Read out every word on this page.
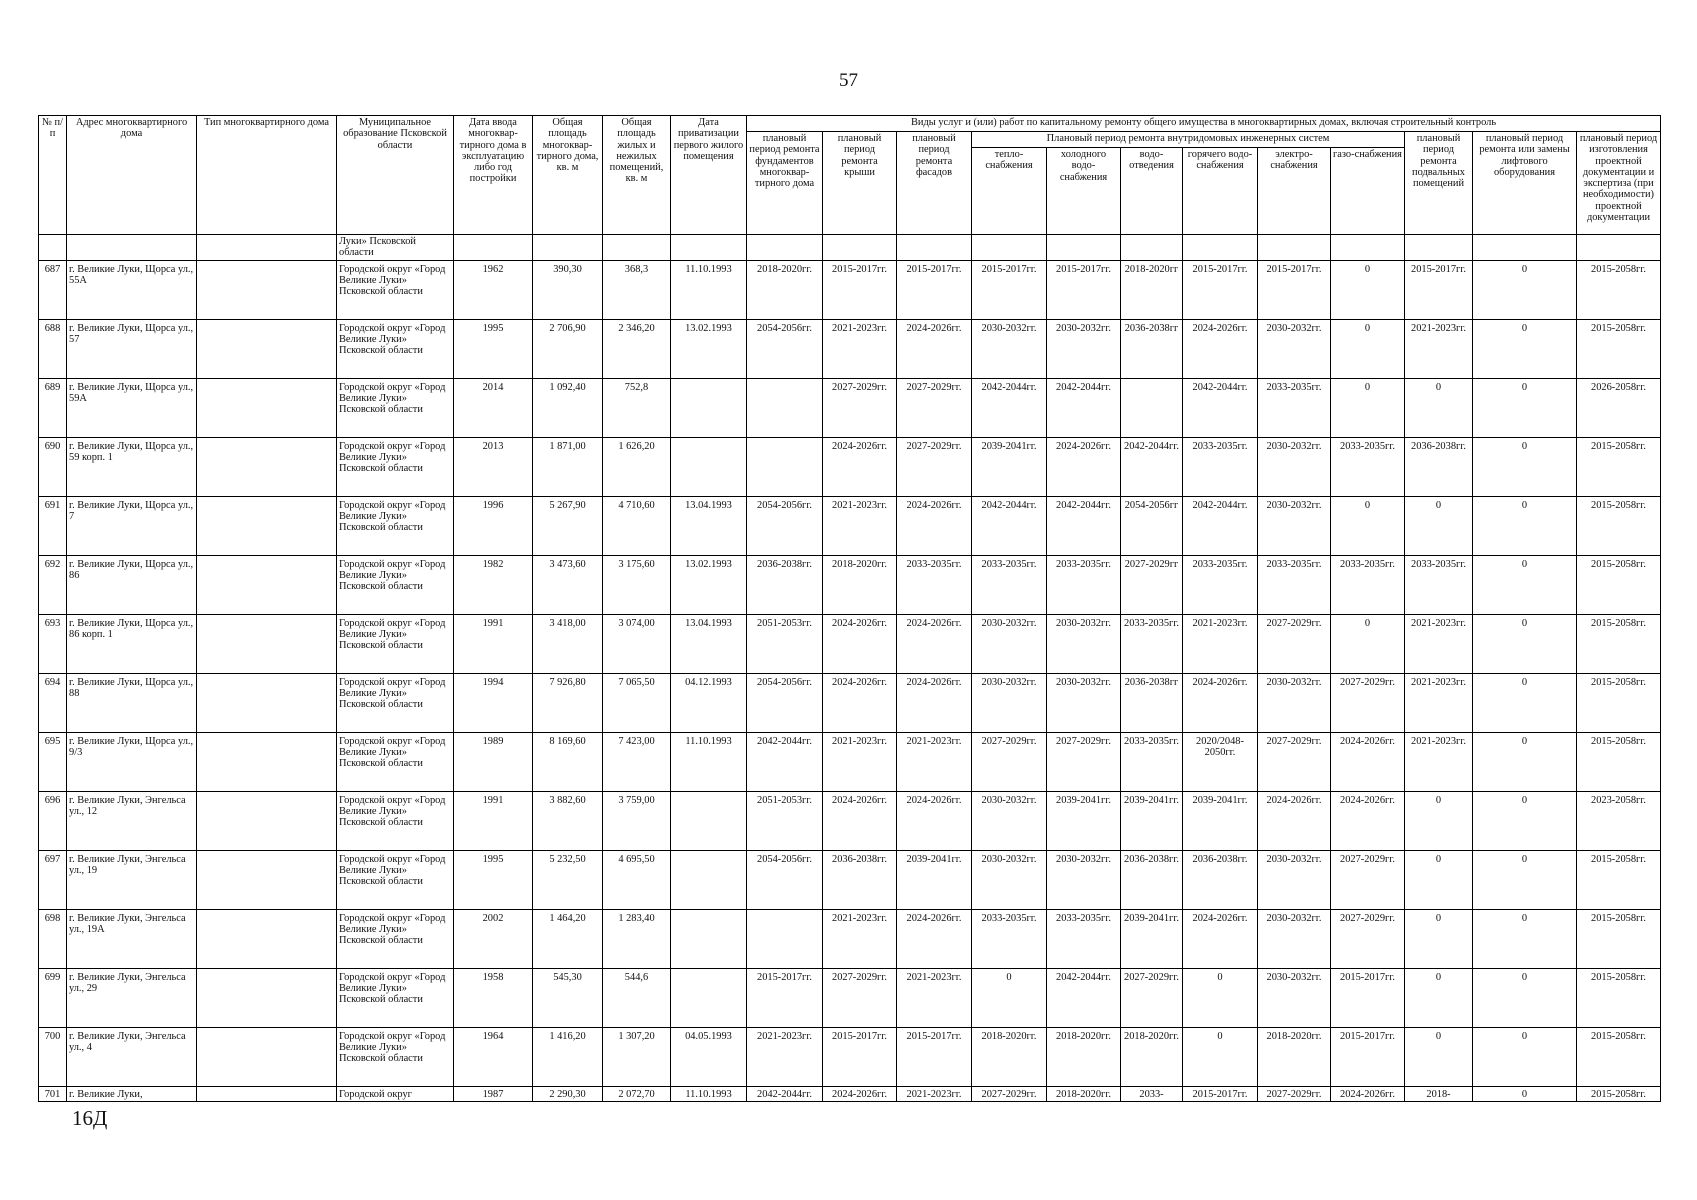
57
№ п/п	Адрес многоквартирного дома	Тип многоквартирного дома	Муниципальное образование Псковской области	Дата ввода многоквар-тирного дома в эксплуатацию либо год постройки	Общая площадь многоквар-тирного дома, кв. м	Общая площадь жилых и нежилых помещений, кв. м	Дата приватизации первого жилого помещения	Виды услуг и (или) работ по капитальному ремонту общего имущества в многоквартирных домах, включая строительный контроль											
								плановый период ремонта фундаментов многоквар-тирного дома	плановый период ремонта крыши	плановый период ремонта фасадов	Плановый период ремонта внутридомовых инженерных систем						плановый период ремонта подвальных помещений	плановый период ремонта или замены лифтового оборудования	плановый период изготовления проектной документации и экспертиза (при необходимости) проектной документации
											тепло-снабжения	холодного водо-снабжения	водо-отведения	горячего водо-снабжения	электро-снабжения	газо-снабжения			
			Луки» Псковской области																
687	г. Великие Луки, Щорса ул., 55А		Городской округ «Город Великие Луки» Псковской области	1962	390,30	368,3	11.10.1993	2018-2020гг.	2015-2017гг.	2015-2017гг.	2015-2017гг.	2015-2017гг.	2018-2020гг	2015-2017гг.	2015-2017гг.	0	2015-2017гг.	0	2015-2058гг.
688	г. Великие Луки, Щорса ул., 57		Городской округ «Город Великие Луки» Псковской области	1995	2 706,90	2 346,20	13.02.1993	2054-2056гг.	2021-2023гг.	2024-2026гг.	2030-2032гг.	2030-2032гг.	2036-2038гг	2024-2026гг.	2030-2032гг.	0	2021-2023гг.	0	2015-2058гг.
689	г. Великие Луки, Щорса ул., 59А		Городской округ «Город Великие Луки» Псковской области	2014	1 092,40	752,8			2027-2029гг.	2027-2029гг.	2042-2044гг.	2042-2044гг.		2042-2044гг.	2033-2035гг.	0	0	0	2026-2058гг.
690	г. Великие Луки, Щорса ул., 59 корп. 1		Городской округ «Город Великие Луки» Псковской области	2013	1 871,00	1 626,20			2024-2026гг.	2027-2029гг.	2039-2041гг.	2024-2026гг.	2042-2044гг.	2033-2035гг.	2030-2032гг.	2033-2035гг.	2036-2038гг.	0	2015-2058гг.
691	г. Великие Луки, Щорса ул., 7		Городской округ «Город Великие Луки» Псковской области	1996	5 267,90	4 710,60	13.04.1993	2054-2056гг.	2021-2023гг.	2024-2026гг.	2042-2044гг.	2042-2044гг.	2054-2056гг	2042-2044гг.	2030-2032гг.	0	0	0	2015-2058гг.
692	г. Великие Луки, Щорса ул., 86		Городской округ «Город Великие Луки» Псковской области	1982	3 473,60	3 175,60	13.02.1993	2036-2038гг.	2018-2020гг.	2033-2035гг.	2033-2035гг.	2033-2035гг.	2027-2029гг	2033-2035гг.	2033-2035гг.	2033-2035гг.	2033-2035гг.	0	2015-2058гг.
693	г. Великие Луки, Щорса ул., 86 корп. 1		Городской округ «Город Великие Луки» Псковской области	1991	3 418,00	3 074,00	13.04.1993	2051-2053гг.	2024-2026гг.	2024-2026гг.	2030-2032гг.	2030-2032гг.	2033-2035гг.	2021-2023гг.	2027-2029гг.	0	2021-2023гг.	0	2015-2058гг.
694	г. Великие Луки, Щорса ул., 88		Городской округ «Город Великие Луки» Псковской области	1994	7 926,80	7 065,50	04.12.1993	2054-2056гг.	2024-2026гг.	2024-2026гг.	2030-2032гг.	2030-2032гг.	2036-2038гг	2024-2026гг.	2030-2032гг.	2027-2029гг.	2021-2023гг.	0	2015-2058гг.
695	г. Великие Луки, Щорса ул., 9/3		Городской округ «Город Великие Луки» Псковской области	1989	8 169,60	7 423,00	11.10.1993	2042-2044гг.	2021-2023гг.	2021-2023гг.	2027-2029гг.	2027-2029гг.	2033-2035гг.	2020/2048-2050гг.	2027-2029гг.	2024-2026гг.	2021-2023гг.	0	2015-2058гг.
696	г. Великие Луки, Энгельса ул., 12		Городской округ «Город Великие Луки» Псковской области	1991	3 882,60	3 759,00		2051-2053гг.	2024-2026гг.	2024-2026гг.	2030-2032гг.	2039-2041гг.	2039-2041гг.	2039-2041гг.	2024-2026гг.	2024-2026гг.	0	0	2023-2058гг.
697	г. Великие Луки, Энгельса ул., 19		Городской округ «Город Великие Луки» Псковской области	1995	5 232,50	4 695,50		2054-2056гг.	2036-2038гг.	2039-2041гг.	2030-2032гг.	2030-2032гг.	2036-2038гг.	2036-2038гг.	2030-2032гг.	2027-2029гг.	0	0	2015-2058гг.
698	г. Великие Луки, Энгельса ул., 19А		Городской округ «Город Великие Луки» Псковской области	2002	1 464,20	1 283,40			2021-2023гг.	2024-2026гг.	2033-2035гг.	2033-2035гг.	2039-2041гг.	2024-2026гг.	2030-2032гг.	2027-2029гг.	0	0	2015-2058гг.
699	г. Великие Луки, Энгельса ул., 29		Городской округ «Город Великие Луки» Псковской области	1958	545,30	544,6		2015-2017гг.	2027-2029гг.	2021-2023гг.	0	2042-2044гг.	2027-2029гг.	0	2030-2032гг.	2015-2017гг.	0	0	2015-2058гг.
700	г. Великие Луки, Энгельса ул., 4		Городской округ «Город Великие Луки» Псковской области	1964	1 416,20	1 307,20	04.05.1993	2021-2023гг.	2015-2017гг.	2015-2017гг.	2018-2020гг.	2018-2020гг.	2018-2020гг.	0	2018-2020гг.	2015-2017гг.	0	0	2015-2058гг.
701	г. Великие Луки,		Городской округ	1987	2 290,30	2 072,70	11.10.1993	2042-2044гг.	2024-2026гг.	2021-2023гг.	2027-2029гг.	2018-2020гг.	2033-	2015-2017гг.	2027-2029гг.	2024-2026гг.	2018-	0	2015-2058гг.
16Д
